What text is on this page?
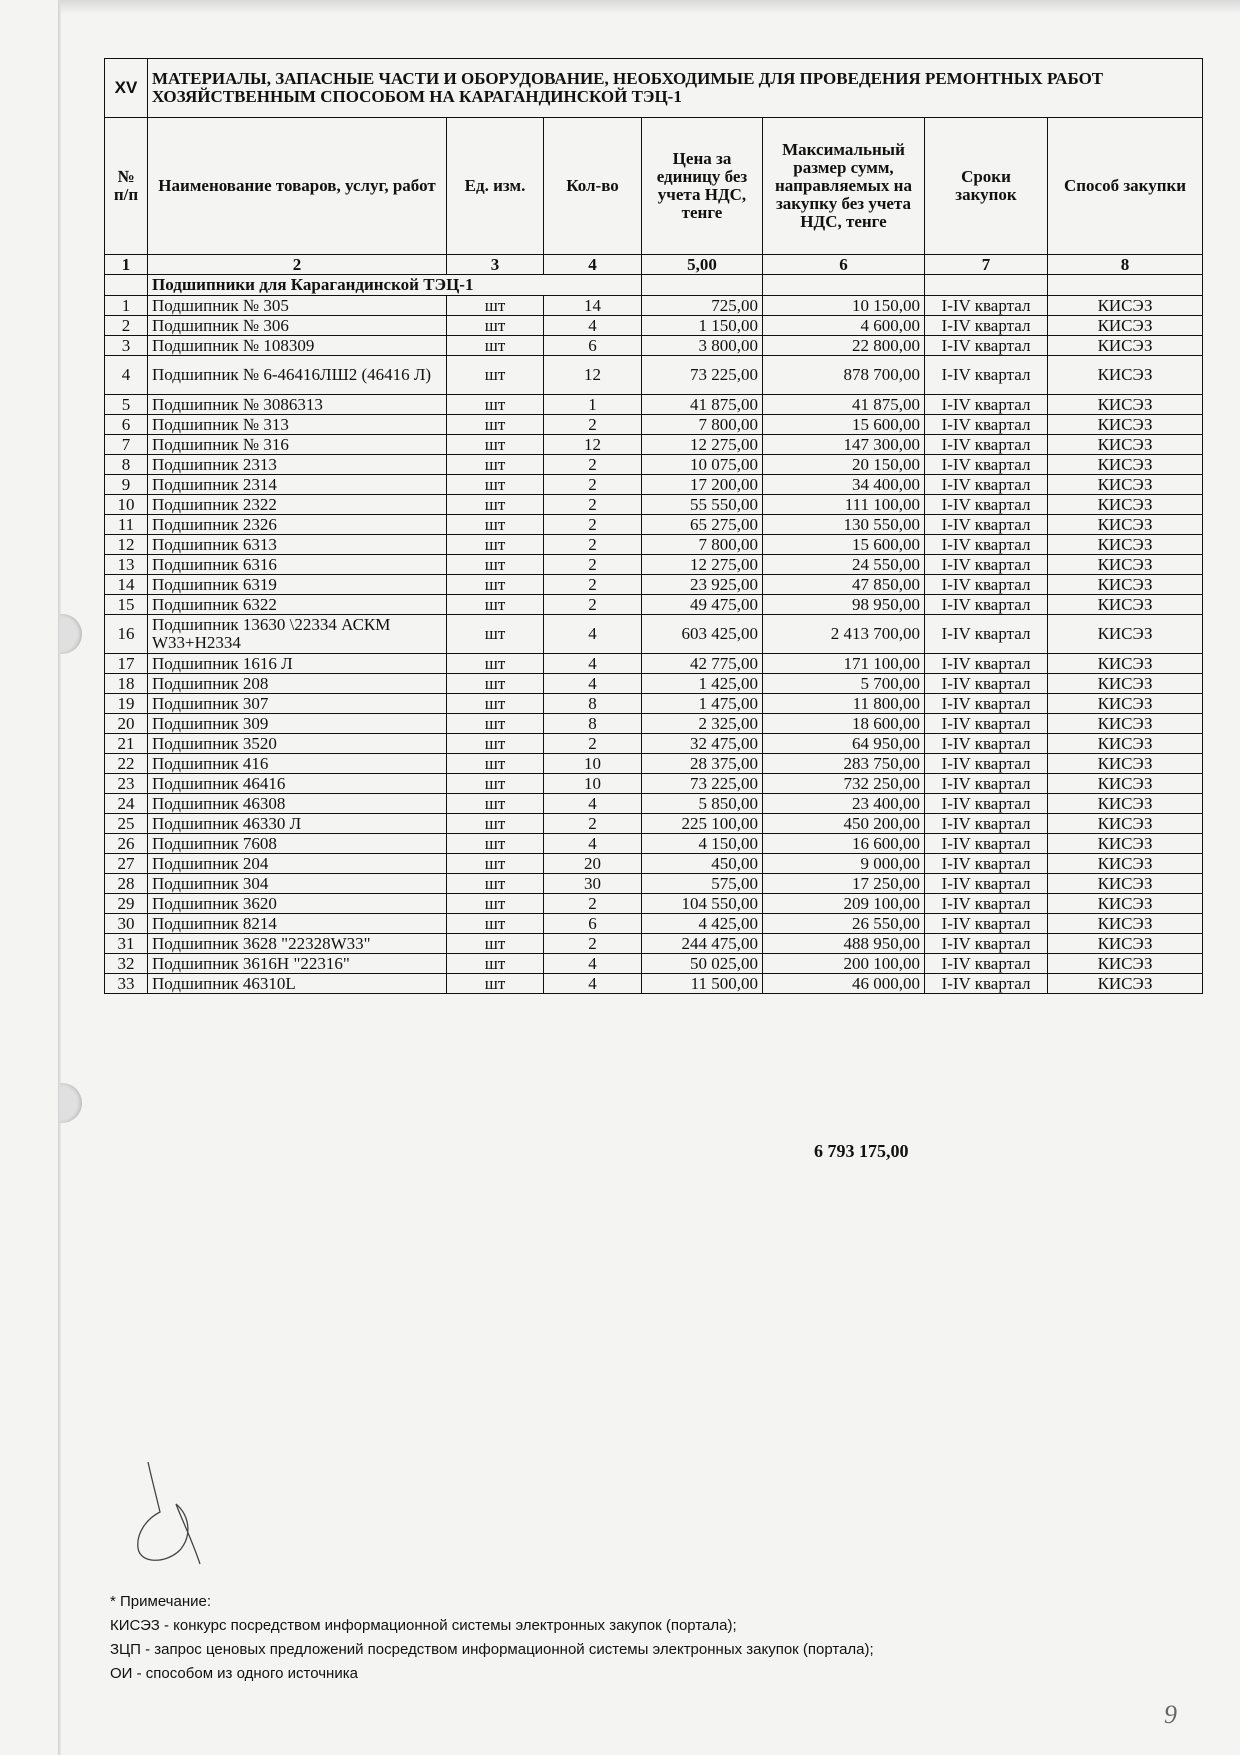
XV	МАТЕРИАЛЫ, ЗАПАСНЫЕ ЧАСТИ И ОБОРУДОВАНИЕ, НЕОБХОДИМЫЕ ДЛЯ ПРОВЕДЕНИЯ РЕМОНТНЫХ РАБОТ ХОЗЯЙСТВЕННЫМ СПОСОБОМ НА КАРАГАНДИНСКОЙ ТЭЦ-1						
№ п/п	Наименование товаров, услуг, работ	Ед. изм.	Кол-во	Цена за единицу без учета НДС, тенге	Максимальный размер сумм, направляемых на закупку без учета НДС, тенге	Сроки закупок	Способ закупки
1	2	3	4	5,00	6	7	8
	Подшипники для Карагандинской ТЭЦ-1						
1	Подшипник № 305	шт	14	725,00	10 150,00	I-IV квартал	КИСЭЗ
2	Подшипник № 306	шт	4	1 150,00	4 600,00	I-IV квартал	КИСЭЗ
3	Подшипник № 108309	шт	6	3 800,00	22 800,00	I-IV квартал	КИСЭЗ
4	Подшипник № 6-46416ЛШ2 (46416 Л)	шт	12	73 225,00	878 700,00	I-IV квартал	КИСЭЗ
5	Подшипник № 3086313	шт	1	41 875,00	41 875,00	I-IV квартал	КИСЭЗ
6	Подшипник № 313	шт	2	7 800,00	15 600,00	I-IV квартал	КИСЭЗ
7	Подшипник № 316	шт	12	12 275,00	147 300,00	I-IV квартал	КИСЭЗ
8	Подшипник 2313	шт	2	10 075,00	20 150,00	I-IV квартал	КИСЭЗ
9	Подшипник 2314	шт	2	17 200,00	34 400,00	I-IV квартал	КИСЭЗ
10	Подшипник 2322	шт	2	55 550,00	111 100,00	I-IV квартал	КИСЭЗ
11	Подшипник 2326	шт	2	65 275,00	130 550,00	I-IV квартал	КИСЭЗ
12	Подшипник 6313	шт	2	7 800,00	15 600,00	I-IV квартал	КИСЭЗ
13	Подшипник 6316	шт	2	12 275,00	24 550,00	I-IV квартал	КИСЭЗ
14	Подшипник 6319	шт	2	23 925,00	47 850,00	I-IV квартал	КИСЭЗ
15	Подшипник 6322	шт	2	49 475,00	98 950,00	I-IV квартал	КИСЭЗ
16	Подшипник 13630 \22334 АСКМ W33+H2334	шт	4	603 425,00	2 413 700,00	I-IV квартал	КИСЭЗ
17	Подшипник 1616 Л	шт	4	42 775,00	171 100,00	I-IV квартал	КИСЭЗ
18	Подшипник 208	шт	4	1 425,00	5 700,00	I-IV квартал	КИСЭЗ
19	Подшипник 307	шт	8	1 475,00	11 800,00	I-IV квартал	КИСЭЗ
20	Подшипник 309	шт	8	2 325,00	18 600,00	I-IV квартал	КИСЭЗ
21	Подшипник 3520	шт	2	32 475,00	64 950,00	I-IV квартал	КИСЭЗ
22	Подшипник 416	шт	10	28 375,00	283 750,00	I-IV квартал	КИСЭЗ
23	Подшипник 46416	шт	10	73 225,00	732 250,00	I-IV квартал	КИСЭЗ
24	Подшипник 46308	шт	4	5 850,00	23 400,00	I-IV квартал	КИСЭЗ
25	Подшипник 46330 Л	шт	2	225 100,00	450 200,00	I-IV квартал	КИСЭЗ
26	Подшипник 7608	шт	4	4 150,00	16 600,00	I-IV квартал	КИСЭЗ
27	Подшипник 204	шт	20	450,00	9 000,00	I-IV квартал	КИСЭЗ
28	Подшипник 304	шт	30	575,00	17 250,00	I-IV квартал	КИСЭЗ
29	Подшипник 3620	шт	2	104 550,00	209 100,00	I-IV квартал	КИСЭЗ
30	Подшипник 8214	шт	6	4 425,00	26 550,00	I-IV квартал	КИСЭЗ
31	Подшипник 3628 "22328W33"	шт	2	244 475,00	488 950,00	I-IV квартал	КИСЭЗ
32	Подшипник 3616Н "22316"	шт	4	50 025,00	200 100,00	I-IV квартал	КИСЭЗ
33	Подшипник 46310L	шт	4	11 500,00	46 000,00	I-IV квартал	КИСЭЗ
6 793 175,00
* Примечание:
КИСЭЗ - конкурс посредством информационной системы электронных закупок (портала);
ЗЦП - запрос ценовых предложений посредством информационной системы электронных закупок (портала);
ОИ - способом из одного источника
9
